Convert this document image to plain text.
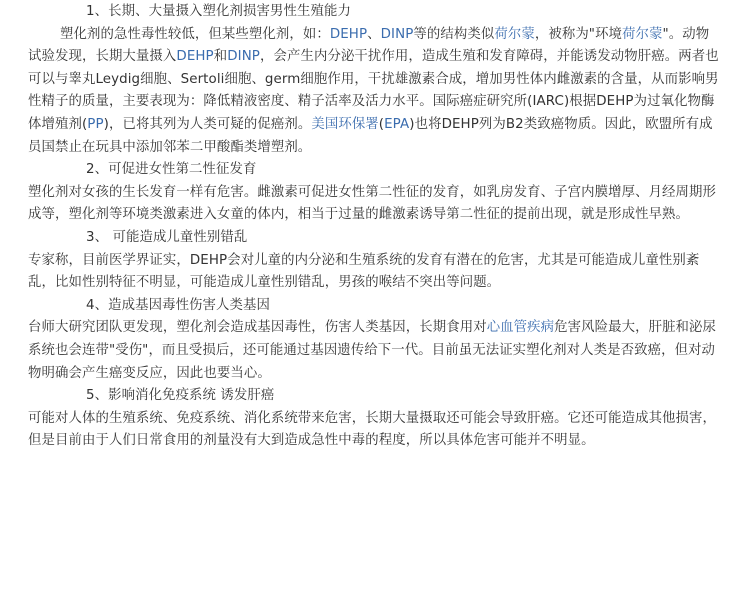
1、长期、大量摄入塑化剂损害男性生殖能力

塑化剂的急性毒性较低，但某些塑化剂，如：DEHP、DINP等的结构类似荷尔蒙，被称为"环境荷尔蒙"。动物试验发现，长期大量摄入DEHP和DINP，会产生内分泌干扰作用，造成生殖和发育障碍，并能诱发动物肝癌。两者也可以与睾丸Leydig细胞、Sertoli细胞、germ细胞作用，干扰雄激素合成，增加男性体内雌激素的含量，从而影响男性精子的质量，主要表现为：降低精液密度、精子活率及活力水平。国际癌症研究所(IARC)根据DEHP为过氧化物酶体增殖剂(PP)，已将其列为人类可疑的促癌剂。美国环保署(EPA)也将DEHP列为B2类致癌物质。因此，欧盟所有成员国禁止在玩具中添加邻苯二甲酸酯类增塑剂。

2、可促进女性第二性征发育

塑化剂对女孩的生长发育一样有危害。雌激素可促进女性第二性征的发育，如乳房发育、子宫内膜增厚、月经周期形成等，塑化剂等环境类激素进入女童的体内，相当于过量的雌激素诱导第二性征的提前出现，就是形成性早熟。

3、 可能造成儿童性别错乱

专家称，目前医学界证实，DEHP会对儿童的内分泌和生殖系统的发育有潜在的危害，尤其是可能造成儿童性别紊乱，比如性别特征不明显，可能造成儿童性别错乱，男孩的喉结不突出等问题。

4、造成基因毒性伤害人类基因

台师大研究团队更发现，塑化剂会造成基因毒性，伤害人类基因，长期食用对心血管疾病危害风险最大，肝脏和泌尿系统也会连带"受伤"，而且受损后，还可能通过基因遗传给下一代。目前虽无法证实塑化剂对人类是否致癌，但对动物明确会产生癌变反应，因此也要当心。

5、影响消化免疫系统 诱发肝癌

可能对人体的生殖系统、免疫系统、消化系统带来危害，长期大量摄取还可能会导致肝癌。它还可能造成其他损害，但是目前由于人们日常食用的剂量没有大到造成急性中毒的程度，所以具体危害可能并不明显。
